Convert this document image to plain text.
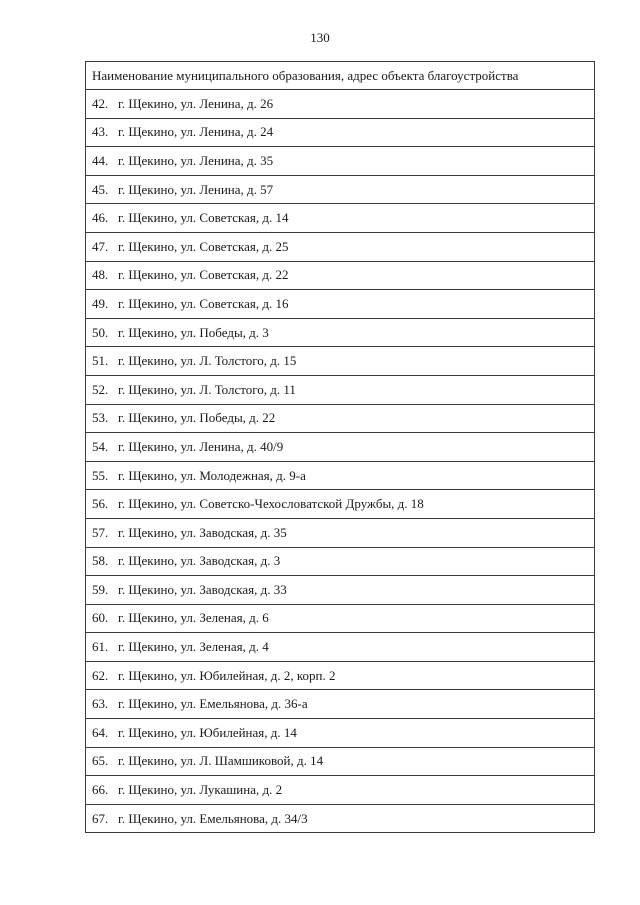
130
Наименование муниципального образования, адрес объекта благоустройства
42. г. Щекино, ул. Ленина, д. 26
43. г. Щекино, ул. Ленина, д. 24
44. г. Щекино, ул. Ленина, д. 35
45. г. Щекино, ул. Ленина, д. 57
46. г. Щекино, ул. Советская, д. 14
47. г. Щекино, ул. Советская, д. 25
48. г. Щекино, ул. Советская, д. 22
49. г. Щекино, ул. Советская, д. 16
50. г. Щекино, ул. Победы, д. 3
51. г. Щекино, ул. Л. Толстого, д. 15
52. г. Щекино, ул. Л. Толстого, д. 11
53. г. Щекино, ул. Победы, д. 22
54. г. Щекино, ул. Ленина, д. 40/9
55. г. Щекино, ул. Молодежная, д. 9-а
56. г. Щекино, ул. Советско-Чехословатской Дружбы, д. 18
57. г. Щекино, ул. Заводская, д. 35
58. г. Щекино, ул. Заводская, д. 3
59. г. Щекино, ул. Заводская, д. 33
60. г. Щекино, ул. Зеленая, д. 6
61. г. Щекино, ул. Зеленая, д. 4
62. г. Щекино, ул. Юбилейная, д. 2, корп. 2
63. г. Щекино, ул. Емельянова, д. 36-а
64. г. Щекино, ул. Юбилейная, д. 14
65. г. Щекино, ул. Л. Шамшиковой, д. 14
66. г. Щекино, ул. Лукашина, д. 2
67. г. Щекино, ул. Емельянова, д. 34/3
